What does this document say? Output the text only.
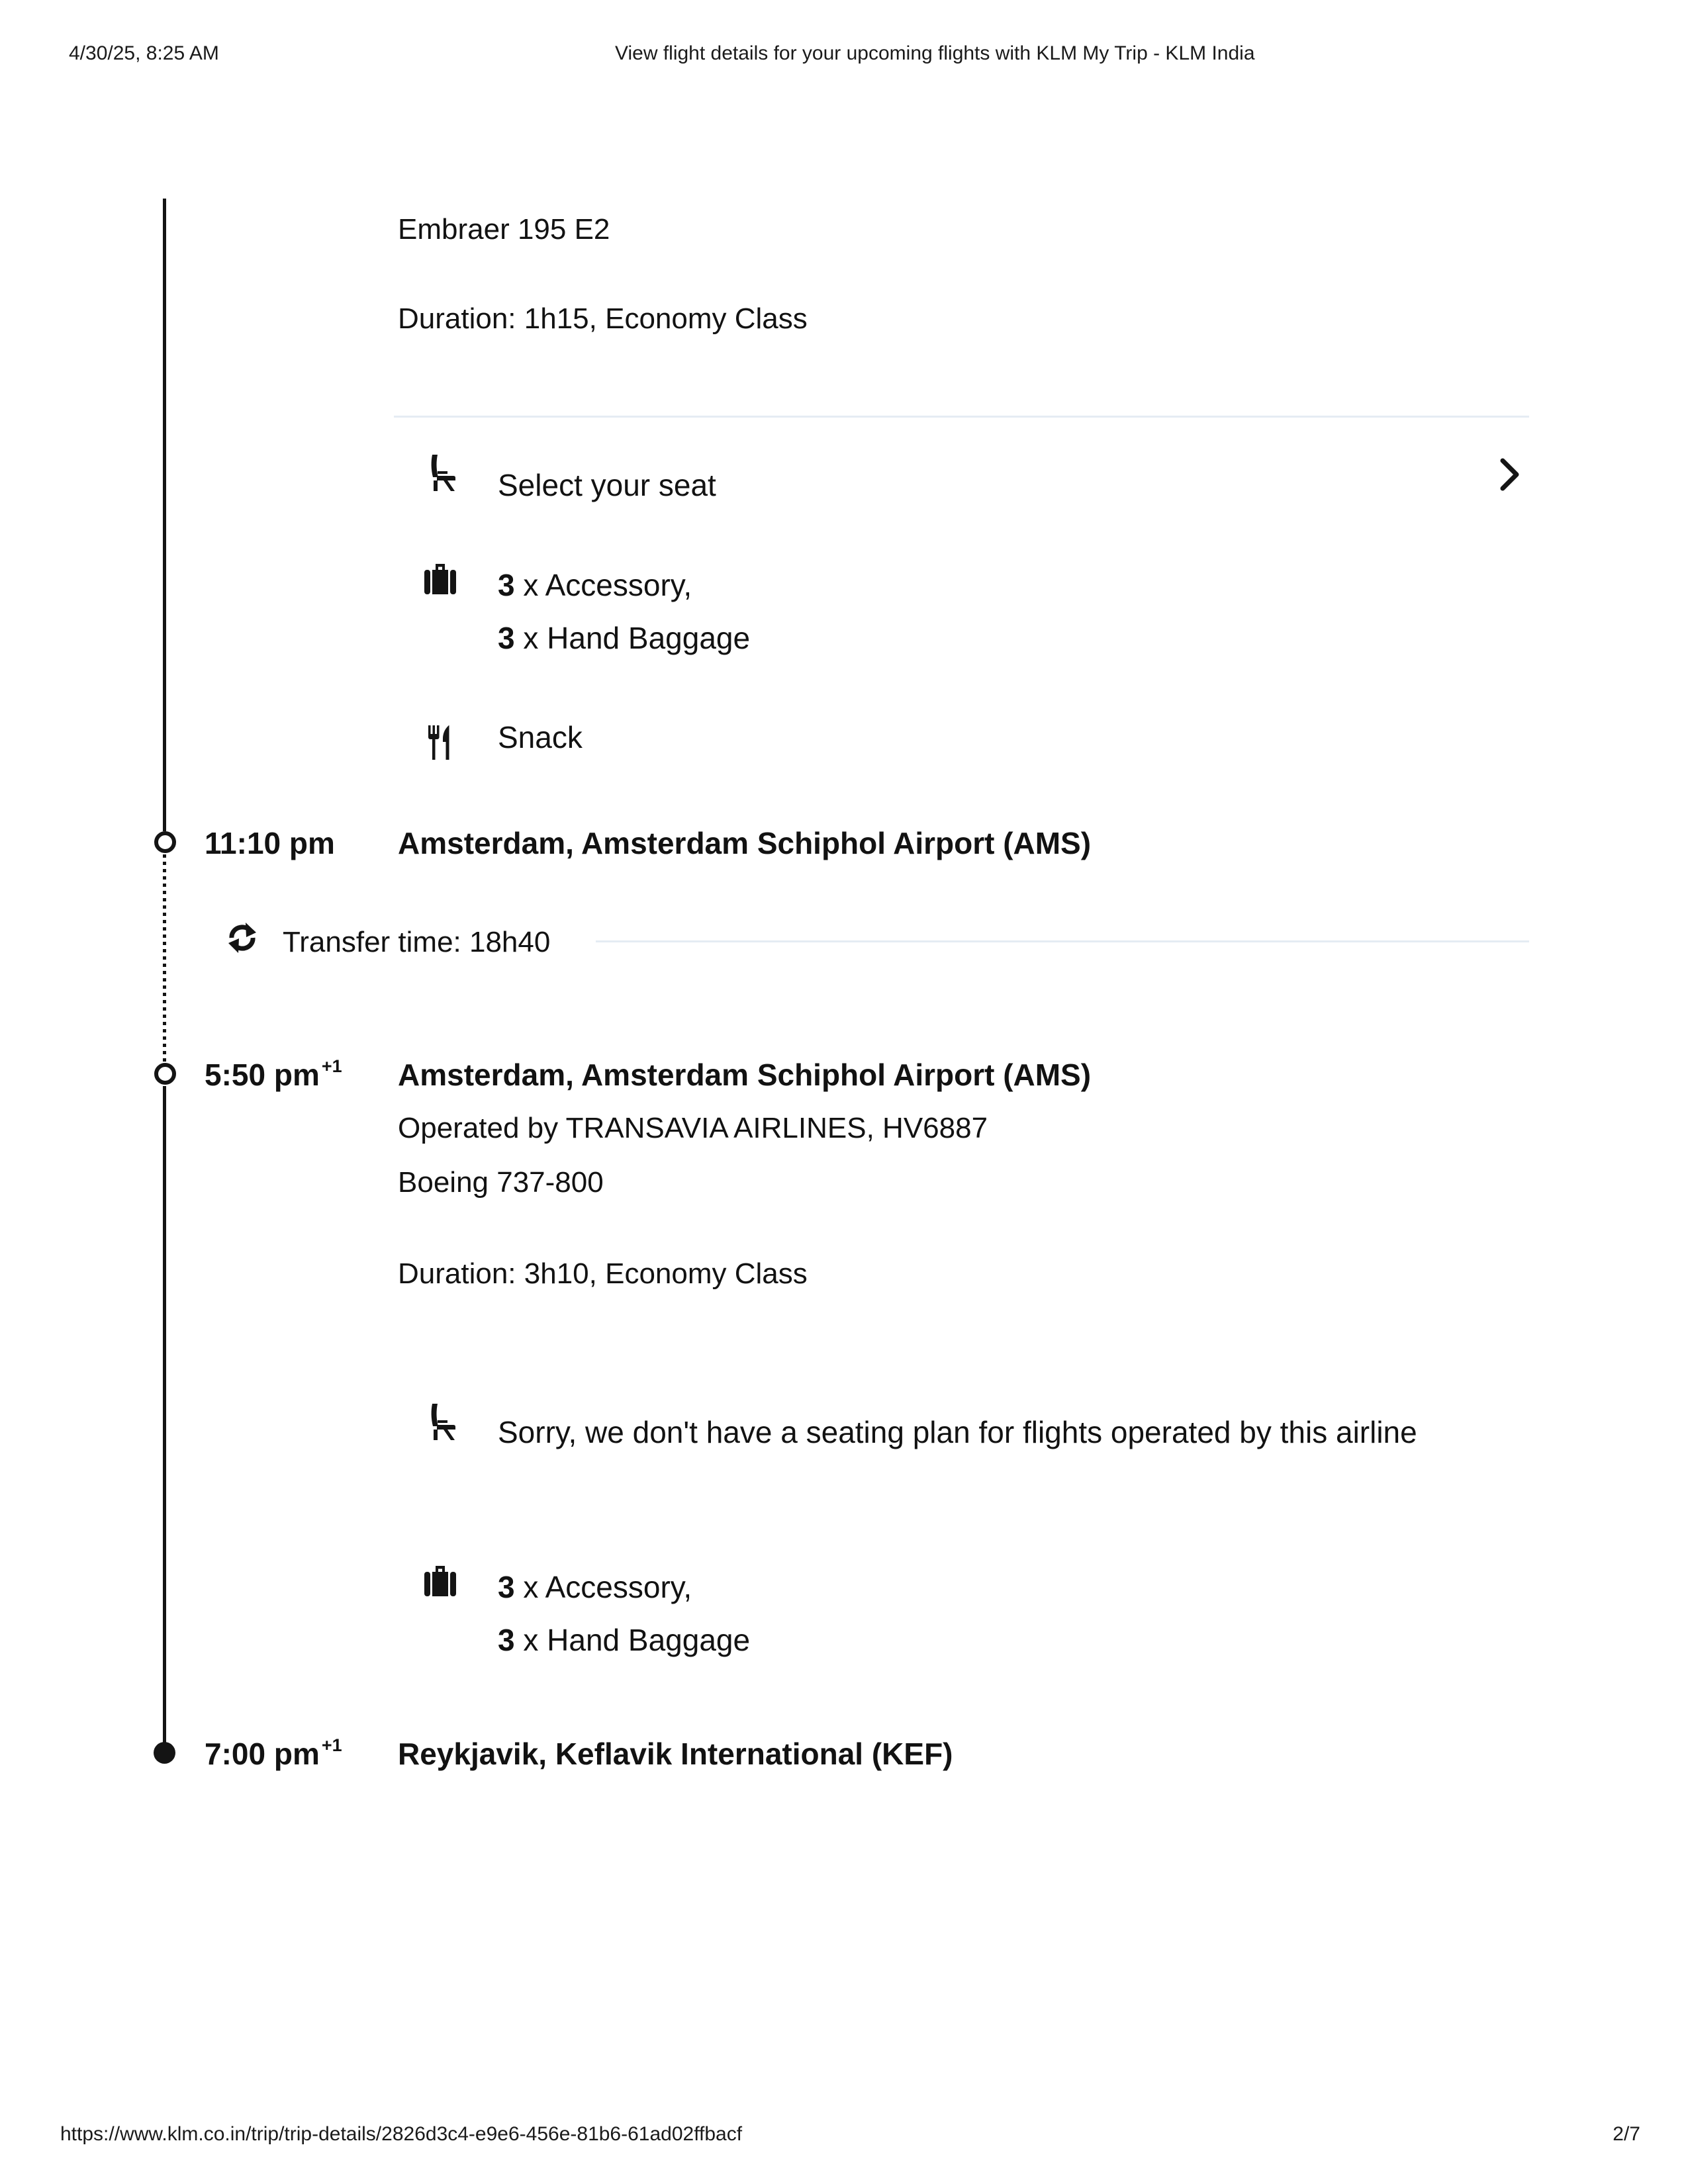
4/30/25, 8:25 AM	View flight details for your upcoming flights with KLM My Trip - KLM India
Embraer 195 E2
Duration: 1h15, Economy Class
Select your seat
3 x Accessory,
3 x Hand Baggage
Snack
11:10 pm Amsterdam, Amsterdam Schiphol Airport (AMS)
Transfer time: 18h40
5:50 pm $^{+1}$ Amsterdam, Amsterdam Schiphol Airport (AMS)
Operated by TRANSAVIA AIRLINES, HV6887
Boeing 737-800
Duration: 3h10, Economy Class
Sorry, we don't have a seating plan for flights operated by this airline
3 x Accessory,
3 x Hand Baggage
7:00 pm $^{+1}$ Reykjavik, Keflavik International (KEF)
https://www.klm.co.in/trip/trip-details/2826d3c4-e9e6-456e-81b6-61ad02ffbacf	2/7
